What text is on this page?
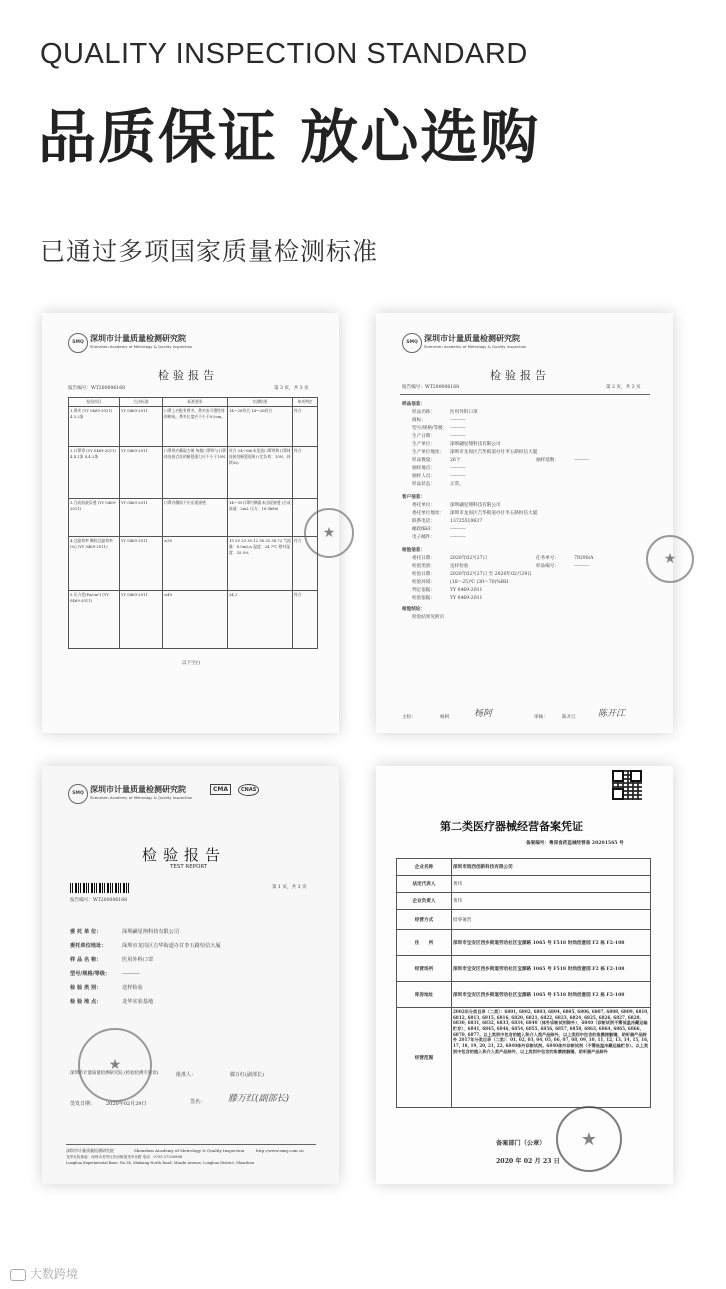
QUALITY INSPECTION STANDARD
品质保证 放心选购
已通过多项国家质量检测标准
SMQ 深圳市计量质量检测研究院
Shenzhen Academy of Metrology & Quality Inspection
检验报告
报告编号：WT200006168	第 3 页，共 3 页
检验项目	方法标准	标准要求	实测结果	单项判定
1.鼻夹 (YY 0469-2011) 4.3.2条	YY 0469-2011	口罩上应配有鼻夹，鼻夹由可塑性材料制成。鼻夹长度应不小于8.0cm。	14～26符合 14～26符合	符合
2.口罩带 (YY 0469-2011) 4.4.1条 4.4.2条	YY 0469-2011	口罩带应戴取方便 每根口罩带与口罩体连接点处的断裂强力应不小于10N	符合 24～66(未见流口罩带和口罩体连接处断裂现象) (定负荷：10N，持续5s)	符合
3.合成血液穿透 (YY 0469-2011)	YY 0469-2011	口罩内侧面不应出现渗透	14～39口罩内侧面未出现渗透 (合成血液：2mL 压力：16.0kPa)	
4.过滤效率 颗粒过滤效率(%) (YY 0469-2011)	YY 0469-2011	≥30	19 20 20 30.12 36.35 36.72 气流量：8.5mL/s 温度：24.7℃ 相对湿度：35.0%	符合
5.压力差(Pa/cm²) (YY 0469-2011)	YY 0469-2011	≤49	34.2	符合
以下空白
★
SMQ 深圳市计量质量检测研究院
Shenzhen Academy of Metrology & Quality Inspection
检验报告
报告编号：WT200006168	第 2 页，共 3 页
样品信息：
样品名称：	医用外科口罩
商标：	----------
型号/规格/等级： ----------
生产日期：	----------
生产单位：	深圳翩星翔科技有限公司
生产单位地址： 深圳市龙岗区吉华街道办甘李五路恒信大厦
样品数量：	26个	抽样基数：	----------
抽样地点：	----------
抽样人员：	----------
样品状态：	正常。
客户信息：
委托单位：	深圳翩星翔科技有限公司
委托单位地址： 深圳市龙岗区吉华街道办甘李五路恒信大厦
联系电话：	13725510637
邮政编码：	----------
电子邮件：	----------
检验信息：
委托日期：	2020年02月27日	任务单号：	79290/A
检验类别：	送样检验	样品编号：	----------
检验日期：	2020年02月27日 至 2020年02月29日
检验环境：	(18～25)℃ (30～70)%RH
判定依据：	YY 0469-2011
检验依据：	YY 0469-2011
检验结论：
检验结果见附页
主检：	杨阿	杨阿	审核：	陈开江 陈开江
★
SMQ 深圳市计量质量检测研究院
Shenzhen Academy of Metrology & Quality Inspection
CMA	CNAS
检验报告
TEST REPORT
报告编号：WT200006168
第 1 页，共 3 页
委 托 单 位：	深圳翩星翔科技有限公司
委托单位地址：	深圳市龙岗区吉华街道办甘李五路恒信大厦
样 品 名 称：	医用外科口罩
型号/规格/等级： ----------
检 验 类 别：	送样检验
检 验 地 点：	龙华实验基地
★
深圳市计量质量检测研究院 (检验检测专用章)	批准人：	滕万红(副部长)
签发日期： 2020年02月29日	签名：	滕万红(副部长)
深圳市计量质量检测研究院	Shenzhen Academy of Metrology & Quality Inspection	http://www.smq.com.cn
龙华实验基地：深圳市龙华区民治街道龙华北路 电话：0755-27530888
Longhua Experimental Base: No.34, Minkang North Road, Minzhi Avenue, Longhua District, Shenzhen
第二类医疗器械经营备案凭证
备案编号：粤深食药监械经营备 20201565 号
企业名称	深圳市琅西创新科技有限公司
法定代表人	黄伟
企业负责人	黄伟
经营方式	批零兼营
住　　所	深圳市宝安区西乡街道劳动社区宝源路 1065 号 F518 时尚创意园 F2 栋 F2-108
经营场所	深圳市宝安区西乡街道劳动社区宝源路 1065 号 F518 时尚创意园 F2 栋 F2-108
库房地址	深圳市宝安区西乡街道劳动社区宝源路 1065 号 F518 时尚创意园 F2 栋 F2-108
经营范围	2002年分类目录（二类）：6801, 6802, 6803, 6804, 6805, 6806, 6807, 6808, 6809, 6810, 6812, 6813, 6815, 6816, 6820, 6821, 6822, 6823, 6824, 6825, 6826, 6827, 6828, 6830, 6831, 6832, 6833, 6834, 6840（体外诊断试剂除外），6840（诊断试剂不需低温冷藏运输贮存），6841, 6845, 6846, 6854, 6855, 6856, 6857, 6858, 6863, 6864, 6865, 6866, 6870, 6877。以上类别中包含的植入和介入类产品除外，以上类别中包含的角膜接触镜、助听器产品除外 2017年分类目录（二类）：01, 02, 03, 04, 05, 06, 07, 08, 09, 10, 11, 12, 13, 14, 15, 16, 17, 18, 19, 20, 21, 22, 6840体外诊断试剂。6840体外诊断试剂（不需低温冷藏运输贮存）。以上类别中包含的植入和介入类产品除外，以上类别中包含的角膜接触镜、助听器产品除外
备案部门（公章）
2020 年 02 月 23 日
★
大数跨境
